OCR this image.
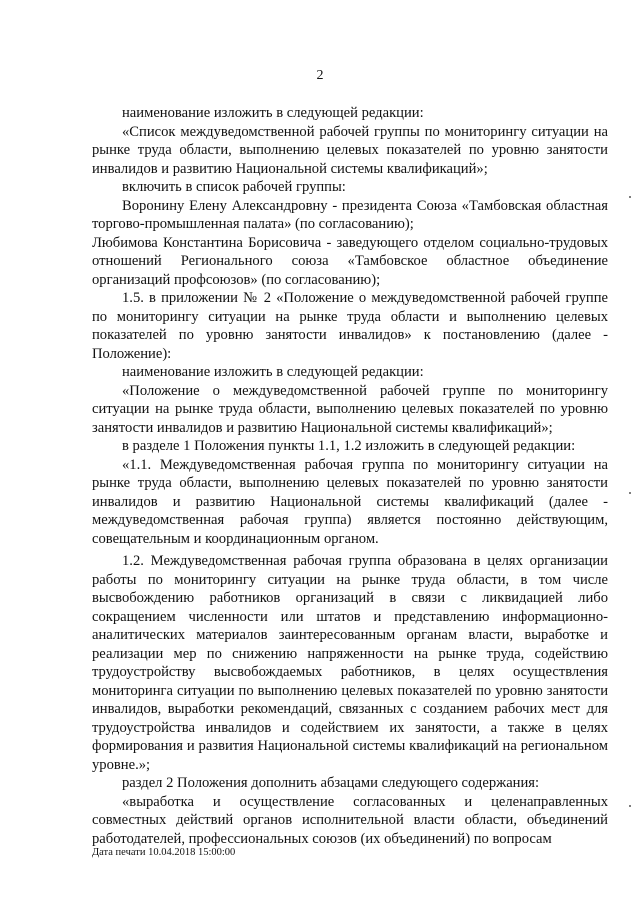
2

наименование изложить в следующей редакции:

«Список междуведомственной рабочей группы по мониторингу ситуации на рынке труда области, выполнению целевых показателей по уровню занятости инвалидов и развитию Национальной системы квалификаций»;

включить в список рабочей группы:

Воронину Елену Александровну - президента Союза «Тамбовская областная торгово-промышленная палата» (по согласованию);

Любимова Константина Борисовича - заведующего отделом социально-трудовых отношений Регионального союза «Тамбовское областное объединение организаций профсоюзов» (по согласованию);

1.5. в приложении № 2 «Положение о междуведомственной рабочей группе по мониторингу ситуации на рынке труда области и выполнению целевых показателей по уровню занятости инвалидов» к постановлению (далее - Положение):

наименование изложить в следующей редакции:

«Положение о междуведомственной рабочей группе по мониторингу ситуации на рынке труда области, выполнению целевых показателей по уровню занятости инвалидов и развитию Национальной системы квалификаций»;

в разделе 1 Положения пункты 1.1, 1.2 изложить в следующей редакции:

«1.1. Междуведомственная рабочая группа по мониторингу ситуации на рынке труда области, выполнению целевых показателей по уровню занятости инвалидов и развитию Национальной системы квалификаций (далее - междуведомственная рабочая группа) является постоянно действующим, совещательным и координационным органом.

1.2. Междуведомственная рабочая группа образована в целях организации работы по мониторингу ситуации на рынке труда области, в том числе высвобождению работников организаций в связи с ликвидацией либо сокращением численности или штатов и представлению информационно-аналитических материалов заинтересованным органам власти, выработке и реализации мер по снижению напряженности на рынке труда, содействию трудоустройству высвобождаемых работников, в целях осуществления мониторинга ситуации по выполнению целевых показателей по уровню занятости инвалидов, выработки рекомендаций, связанных с созданием рабочих мест для трудоустройства инвалидов и содействием их занятости, а также в целях формирования и развития Национальной системы квалификаций на региональном уровне.»;

раздел 2 Положения дополнить абзацами следующего содержания:

«выработка и осуществление согласованных и целенаправленных совместных действий органов исполнительной власти области, объединений работодателей, профессиональных союзов (их объединений) по вопросам

Дата печати 10.04.2018 15:00:00
